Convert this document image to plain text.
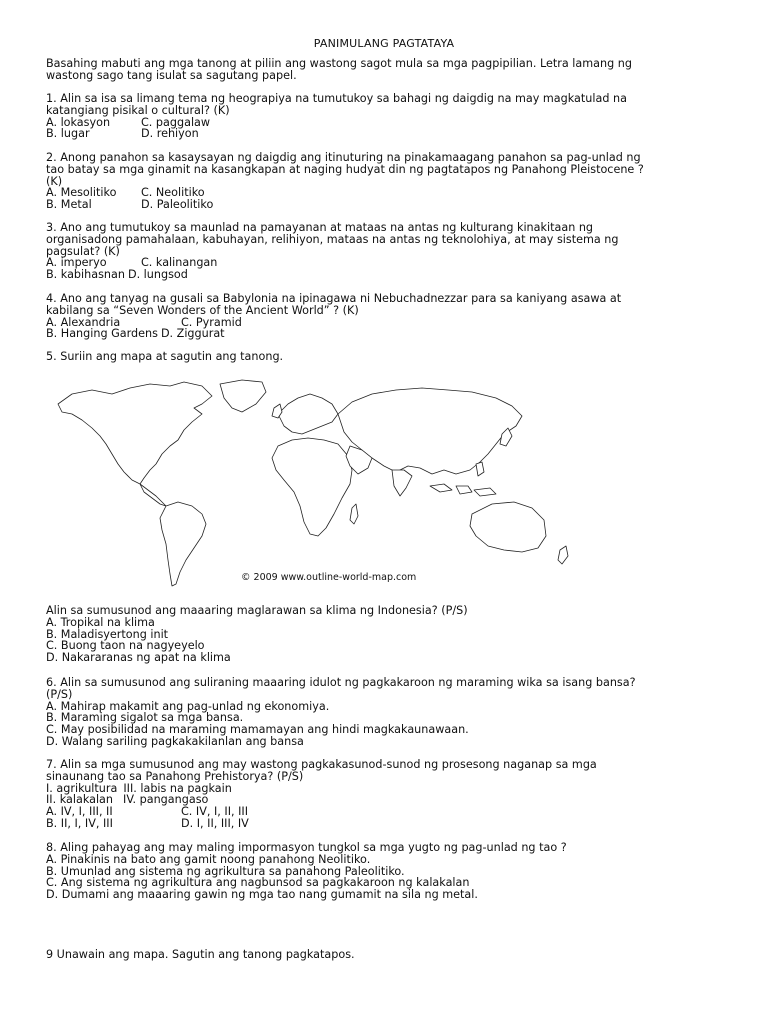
PANIMULANG PAGTATAYA
Basahing mabuti ang mga tanong at piliin ang wastong sagot mula sa mga pagpipilian. Letra lamang ng
wastong sago tang isulat sa sagutang papel.
1. Alin sa isa sa limang tema ng heograpiya na tumutukoy sa bahagi ng daigdig na may magkatulad na
katangiang pisikal o cultural? (K)
A. lokasyon	C. paggalaw
B. lugar	D. rehiyon
2. Anong panahon sa kasaysayan ng daigdig ang itinuturing na pinakamaagang panahon sa pag-unlad ng
tao batay sa mga ginamit na kasangkapan at naging hudyat din ng pagtatapos ng Panahong Pleistocene ?
(K)
A. Mesolitiko	C. Neolitiko
B. Metal	D. Paleolitiko
3. Ano ang tumutukoy sa maunlad na pamayanan at mataas na antas ng kulturang kinakitaan ng
organisadong pamahalaan, kabuhayan, relihiyon, mataas na antas ng teknolohiya, at may sistema ng
pagsulat? (K)
A. imperyo	C. kalinangan
B. kabihasnan D. lungsod
4. Ano ang tanyag na gusali sa Babylonia na ipinagawa ni Nebuchadnezzar para sa kaniyang asawa at
kabilang sa “Seven Wonders of the Ancient World” ? (K)
A. Alexandria	C. Pyramid
B. Hanging Gardens D. Ziggurat
5. Suriin ang mapa at sagutin ang tanong.
© 2009 www.outline-world-map.com
Alin sa sumusunod ang maaaring maglarawan sa klima ng Indonesia? (P/S)
A. Tropikal na klima
B. Maladisyertong init
C. Buong taon na nagyeyelo
D. Nakararanas ng apat na klima
6. Alin sa sumusunod ang suliraning maaaring idulot ng pagkakaroon ng maraming wika sa isang bansa?
(P/S)
A. Mahirap makamit ang pag-unlad ng ekonomiya.
B. Maraming sigalot sa mga bansa.
C. May posibilidad na maraming mamamayan ang hindi magkakaunawaan.
D. Walang sariling pagkakakilanlan ang bansa
7. Alin sa mga sumusunod ang may wastong pagkakasunod-sunod ng prosesong naganap sa mga
sinaunang tao sa Panahong Prehistorya? (P/S)
I. agrikultura III. labis na pagkain
II. kalakalan IV. pangangaso
A. IV, I, III, II	C. IV, I, II, III
B. II, I, IV, III	D. I, II, III, IV
8. Aling pahayag ang may maling impormasyon tungkol sa mga yugto ng pag-unlad ng tao ?
A. Pinakinis na bato ang gamit noong panahong Neolitiko.
B. Umunlad ang sistema ng agrikultura sa panahong Paleolitiko.
C. Ang sistema ng agrikultura ang nagbunsod sa pagkakaroon ng kalakalan
D. Dumami ang maaaring gawin ng mga tao nang gumamit na sila ng metal.
9 Unawain ang mapa. Sagutin ang tanong pagkatapos.
